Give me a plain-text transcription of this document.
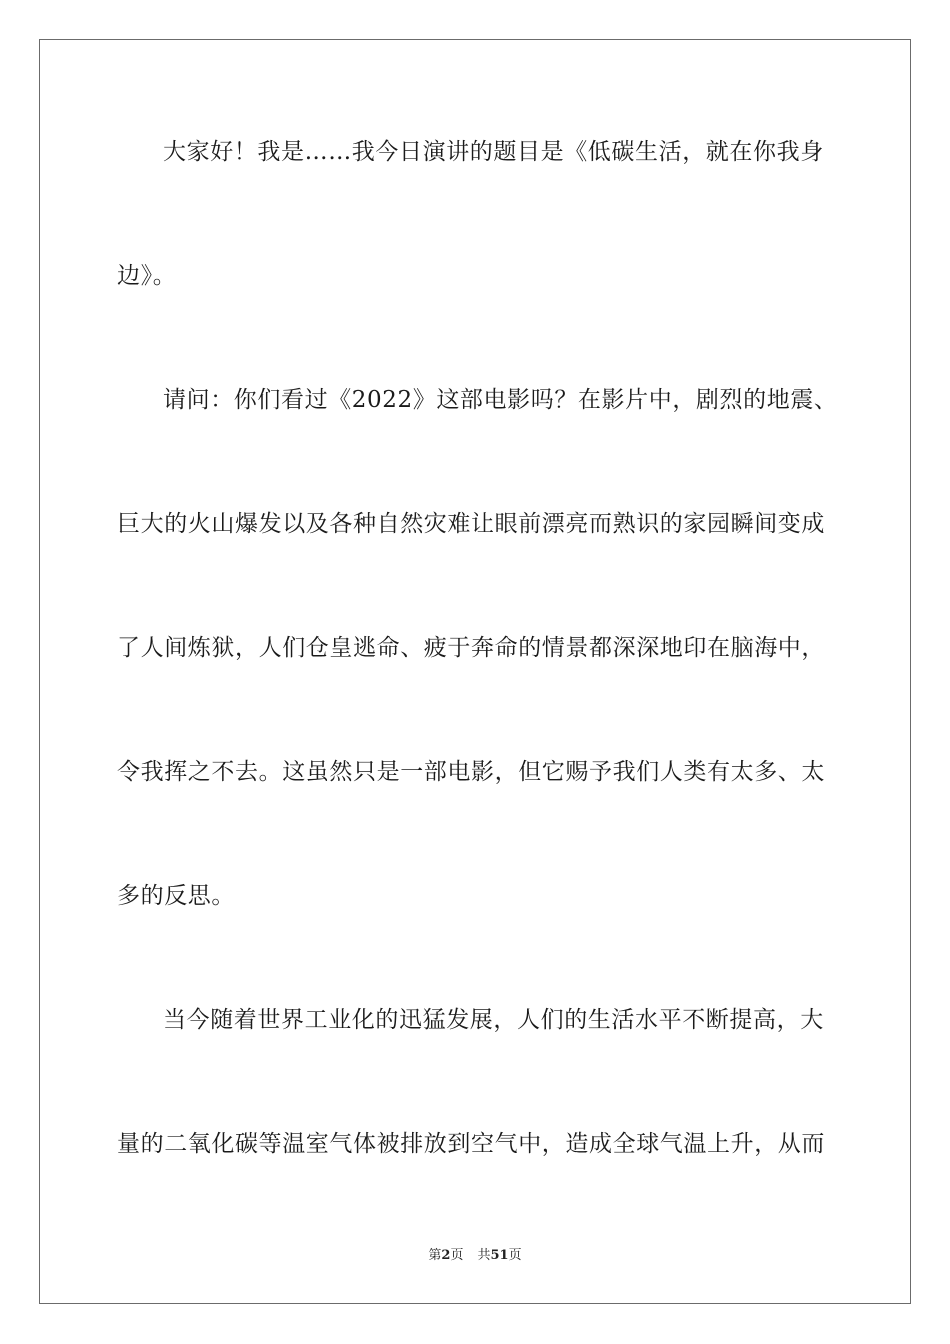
大家好！我是……我今日演讲的题目是《低碳生活，就在你我身
边》。
请问：你们看过《2022》这部电影吗？在影片中，剧烈的地震、
巨大的火山爆发以及各种自然灾难让眼前漂亮而熟识的家园瞬间变成
了人间炼狱，人们仓皇逃命、疲于奔命的情景都深深地印在脑海中，
令我挥之不去。这虽然只是一部电影，但它赐予我们人类有太多、太
多的反思。
当今随着世界工业化的迅猛发展，人们的生活水平不断提高，大
量的二氧化碳等温室气体被排放到空气中，造成全球气温上升，从而
第2页 共51页
